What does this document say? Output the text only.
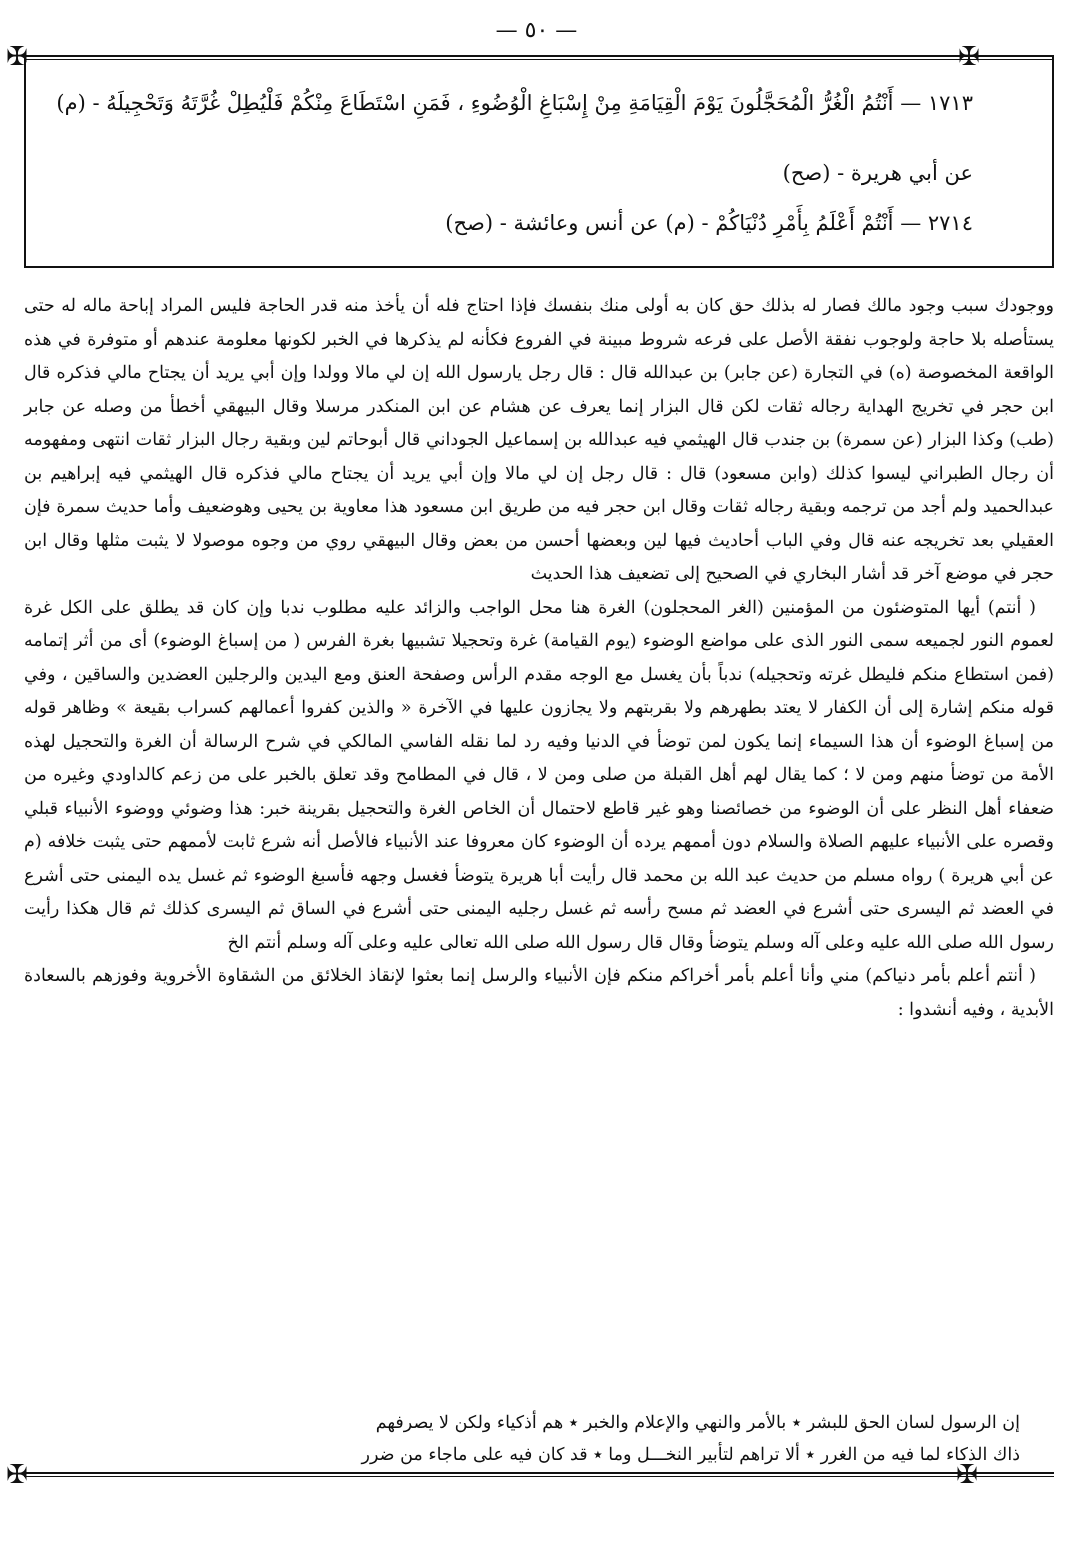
— ٥٠ —
✠	✠
✠	✠
١٧١٣ — أَنْتُمُ الْغُرُّ الْمُحَجَّلُونَ يَوْمَ الْقِيَامَةِ مِنْ إِسْبَاغِ الْوُضُوءِ ، فَمَنِ اسْتَطَاعَ مِنْكُمْ فَلْيُطِلْ غُرَّتَهُ وَتَحْجِيلَهُ - (م)
عن أبي هريرة - (صح)
٢٧١٤ — أَنْتُمْ أَعْلَمُ بِأَمْرِ دُنْيَاكُمْ - (م) عن أنس وعائشة - (صح)

ووجودك سبب وجود مالك فصار له بذلك حق كان به أولى منك بنفسك فإذا احتاج فله أن يأخذ منه قدر الحاجة فليس المراد إباحة ماله له حتى يستأصله بلا حاجة ولوجوب نفقة الأصل على فرعه شروط مبينة في الفروع فكأنه لم يذكرها في الخبر لكونها معلومة عندهم أو متوفرة في هذه الواقعة المخصوصة (ه) في التجارة (عن جابر) بن عبدالله قال : قال رجل يارسول الله إن لي مالا وولدا وإن أبي يريد أن يجتاح مالي فذكره قال ابن حجر في تخريج الهداية رجاله ثقات لكن قال البزار إنما يعرف عن هشام عن ابن المنكدر مرسلا وقال البيهقي أخطأ من وصله عن جابر (طب) وكذا البزار (عن سمرة) بن جندب قال الهيثمي فيه عبدالله بن إسماعيل الجوداني قال أبوحاتم لين وبقية رجال البزار ثقات انتهى ومفهومه أن رجال الطبراني ليسوا كذلك (وابن مسعود) قال : قال رجل إن لي مالا وإن أبي يريد أن يجتاح مالي فذكره قال الهيثمي فيه إبراهيم بن عبدالحميد ولم أجد من ترجمه وبقية رجاله ثقات وقال ابن حجر فيه من طريق ابن مسعود هذا معاوية بن يحيى وهوضعيف وأما حديث سمرة فإن العقيلي بعد تخريجه عنه قال وفي الباب أحاديث فيها لين وبعضها أحسن من بعض وقال البيهقي روي من وجوه موصولا لا يثبت مثلها وقال ابن حجر في موضع آخر قد أشار البخاري في الصحيح إلى تضعيف هذا الحديث

( أنتم) أيها المتوضئون من المؤمنين (الغر المحجلون) الغرة هنا محل الواجب والزائد عليه مطلوب ندبا وإن كان قد يطلق على الكل غرة لعموم النور لجميعه سمى النور الذى على مواضع الوضوء (يوم القيامة) غرة وتحجيلا تشبيها بغرة الفرس ( من إسباغ الوضوء) أى من أثر إتمامه (فمن استطاع منكم فليطل غرته وتحجيله) ندباً بأن يغسل مع الوجه مقدم الرأس وصفحة العنق ومع اليدين والرجلين العضدين والساقين ، وفي قوله منكم إشارة إلى أن الكفار لا يعتد بطهرهم ولا بقربتهم ولا يجازون عليها في الآخرة « والذين كفروا أعمالهم كسراب بقيعة » وظاهر قوله من إسباغ الوضوء أن هذا السيماء إنما يكون لمن توضأ في الدنيا وفيه رد لما نقله الفاسي المالكي في شرح الرسالة أن الغرة والتحجيل لهذه الأمة من توضأ منهم ومن لا ؛ كما يقال لهم أهل القبلة من صلى ومن لا ، قال في المطامح وقد تعلق بالخبر على من زعم كالداودي وغيره من ضعفاء أهل النظر على أن الوضوء من خصائصنا وهو غير قاطع لاحتمال أن الخاص الغرة والتحجيل بقرينة خبر: هذا وضوئي ووضوء الأنبياء قبلي وقصره على الأنبياء عليهم الصلاة والسلام دون أممهم يرده أن الوضوء كان معروفا عند الأنبياء فالأصل أنه شرع ثابت لأممهم حتى يثبت خلافه (م عن أبي هريرة ) رواه مسلم من حديث عبد الله بن محمد قال رأيت أبا هريرة يتوضأ فغسل وجهه فأسبغ الوضوء ثم غسل يده اليمنى حتى أشرع في العضد ثم اليسرى حتى أشرع في العضد ثم مسح رأسه ثم غسل رجليه اليمنى حتى أشرع في الساق ثم اليسرى كذلك ثم قال هكذا رأيت رسول الله صلى الله عليه وعلى آله وسلم يتوضأ وقال قال رسول الله صلى الله تعالى عليه وعلى آله وسلم أنتم الخ

( أنتم أعلم بأمر دنياكم) مني وأنا أعلم بأمر أخراكم منكم فإن الأنبياء والرسل إنما بعثوا لإنقاذ الخلائق من الشقاوة الأخروية وفوزهم بالسعادة الأبدية ، وفيه أنشدوا :

إن الرسول لسان الحق للبشر ٭ بالأمر والنهي والإعلام والخبر ٭ هم أذكياء ولكن لا يصرفهم
ذاك الذكاء لما فيه من الغرر ٭ ألا تراهم لتأبير النخـــل وما ٭ قد كان فيه على ماجاء من ضرر
